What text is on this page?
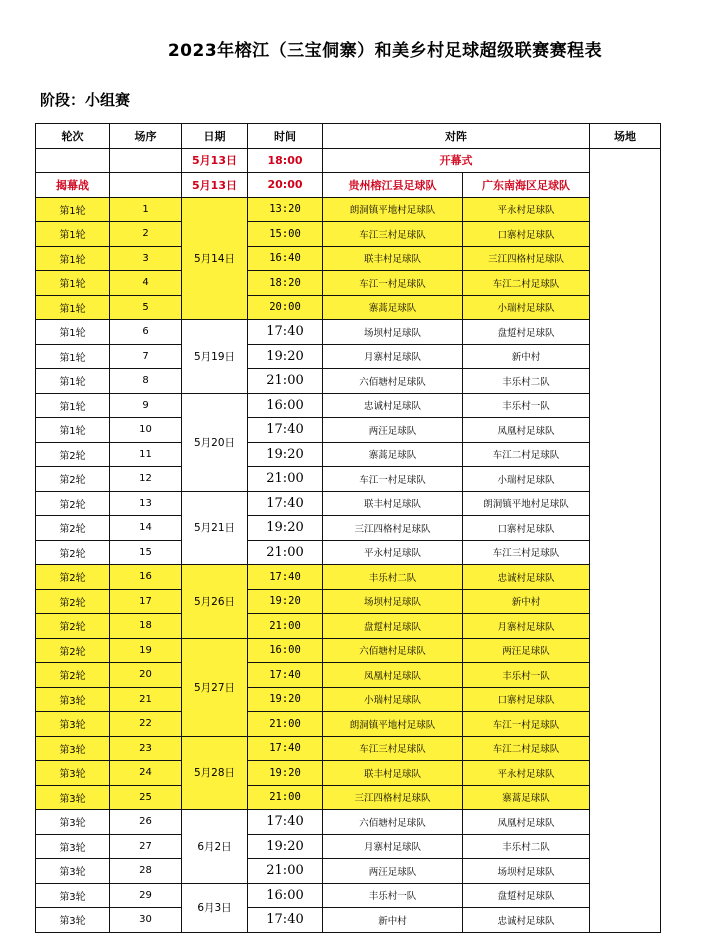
2023年榕江（三宝侗寨）和美乡村足球超级联赛赛程表
阶段：小组赛
轮次	场序	日期	时间	对阵		场地
		5月13日	18:00	开幕式		
揭幕战		5月13日	20:00	贵州榕江县足球队	广东南海区足球队	
第1轮	1	5月14日	13:20	朗洞镇平地村足球队	平永村足球队	
第1轮	2		15:00	车江三村足球队	口寨村足球队	
第1轮	3		16:40	联丰村足球队	三江四格村足球队	
第1轮	4		18:20	车江一村足球队	车江二村足球队	
第1轮	5		20:00	寨蒿足球队	小瑞村足球队	
第1轮	6	5月19日	17:40	场坝村足球队	盘踅村足球队	
第1轮	7		19:20	月寨村足球队	新中村	
第1轮	8		21:00	六佰塘村足球队	丰乐村二队	
第1轮	9	5月20日	16:00	忠诚村足球队	丰乐村一队	
第1轮	10		17:40	两汪足球队	凤凰村足球队	
第2轮	11		19:20	寨蒿足球队	车江二村足球队	
第2轮	12		21:00	车江一村足球队	小瑞村足球队	
第2轮	13	5月21日	17:40	联丰村足球队	朗洞镇平地村足球队	
第2轮	14		19:20	三江四格村足球队	口寨村足球队	
第2轮	15		21:00	平永村足球队	车江三村足球队	
第2轮	16	5月26日	17:40	丰乐村二队	忠诚村足球队	
第2轮	17		19:20	场坝村足球队	新中村	
第2轮	18		21:00	盘踅村足球队	月寨村足球队	
第2轮	19	5月27日	16:00	六佰塘村足球队	两汪足球队	
第2轮	20		17:40	凤凰村足球队	丰乐村一队	
第3轮	21		19:20	小瑞村足球队	口寨村足球队	
第3轮	22		21:00	朗洞镇平地村足球队	车江一村足球队	
第3轮	23	5月28日	17:40	车江三村足球队	车江二村足球队	
第3轮	24		19:20	联丰村足球队	平永村足球队	
第3轮	25		21:00	三江四格村足球队	寨蒿足球队	
第3轮	26	6月2日	17:40	六佰塘村足球队	凤凰村足球队	
第3轮	27		19:20	月寨村足球队	丰乐村二队	
第3轮	28		21:00	两汪足球队	场坝村足球队	
第3轮	29	6月3日	16:00	丰乐村一队	盘踅村足球队	
第3轮	30		17:40	新中村	忠诚村足球队	
